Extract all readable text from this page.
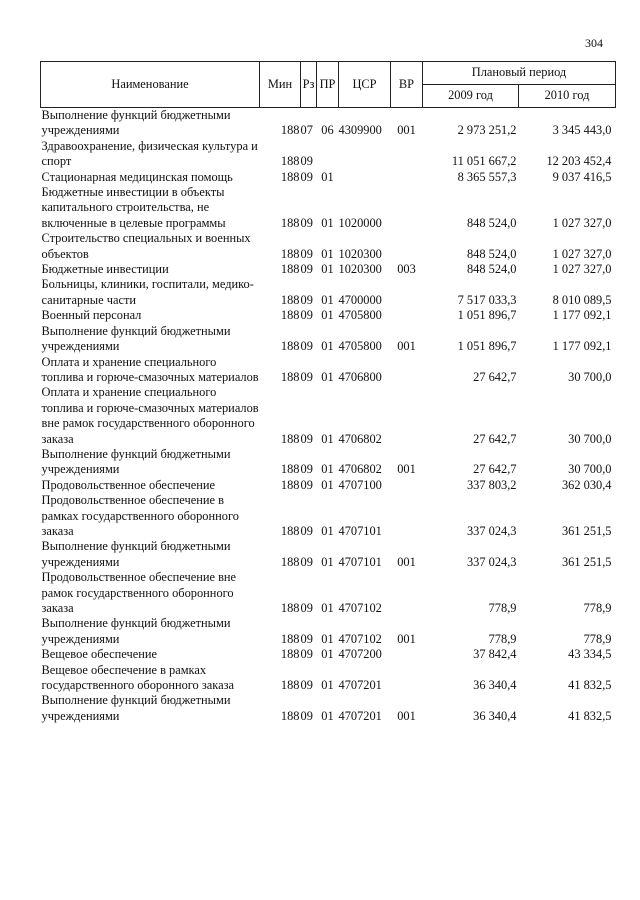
304
Наименование	Мин	Рз	ПР	ЦСР	ВР	Плановый период	
						2009 год	2010 год
Выполнение функций бюджетными учреждениями	188	07	06	4309900	001	2 973 251,2	3 345 443,0
Здравоохранение, физическая культура и спорт	188	09				11 051 667,2	12 203 452,4
Стационарная медицинская помощь	188	09	01			8 365 557,3	9 037 416,5
Бюджетные инвестиции в объекты капитального строительства, не включенные в целевые программы	188	09	01	1020000		848 524,0	1 027 327,0
Строительство специальных и военных объектов	188	09	01	1020300		848 524,0	1 027 327,0
Бюджетные инвестиции	188	09	01	1020300	003	848 524,0	1 027 327,0
Больницы, клиники, госпитали, медико-санитарные части	188	09	01	4700000		7 517 033,3	8 010 089,5
Военный персонал	188	09	01	4705800		1 051 896,7	1 177 092,1
Выполнение функций бюджетными учреждениями	188	09	01	4705800	001	1 051 896,7	1 177 092,1
Оплата и хранение специального топлива и горюче-смазочных материалов	188	09	01	4706800		27 642,7	30 700,0
Оплата и хранение специального топлива и горюче-смазочных материалов вне рамок государственного оборонного заказа	188	09	01	4706802		27 642,7	30 700,0
Выполнение функций бюджетными учреждениями	188	09	01	4706802	001	27 642,7	30 700,0
Продовольственное обеспечение	188	09	01	4707100		337 803,2	362 030,4
Продовольственное обеспечение в рамках государственного оборонного заказа	188	09	01	4707101		337 024,3	361 251,5
Выполнение функций бюджетными учреждениями	188	09	01	4707101	001	337 024,3	361 251,5
Продовольственное обеспечение вне рамок государственного оборонного заказа	188	09	01	4707102		778,9	778,9
Выполнение функций бюджетными учреждениями	188	09	01	4707102	001	778,9	778,9
Вещевое обеспечение	188	09	01	4707200		37 842,4	43 334,5
Вещевое обеспечение в рамках государственного оборонного заказа	188	09	01	4707201		36 340,4	41 832,5
Выполнение функций бюджетными учреждениями	188	09	01	4707201	001	36 340,4	41 832,5
